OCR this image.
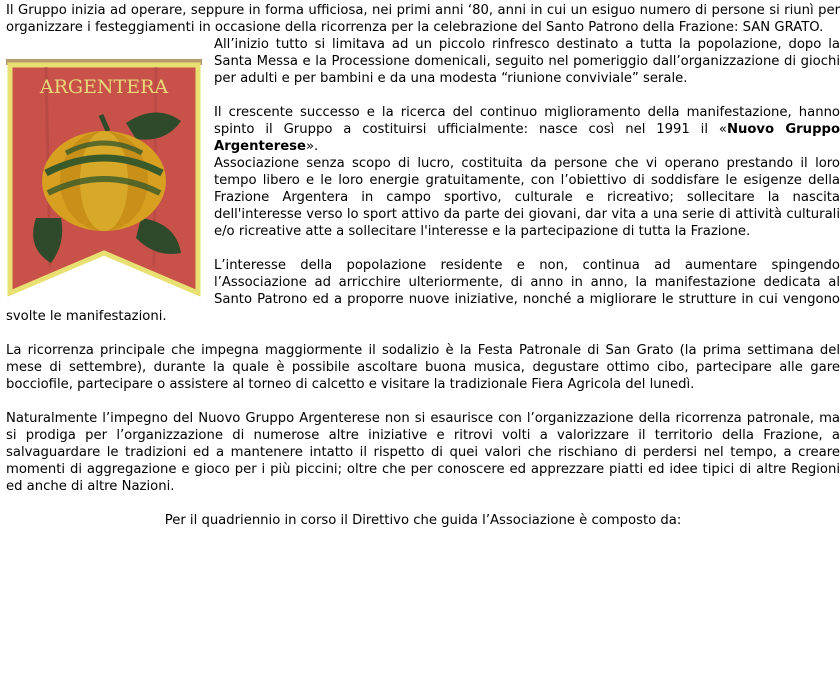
Il Gruppo inizia ad operare, seppure in forma ufficiosa, nei primi anni ‘80, anni in cui un esiguo numero di persone si riunì per organizzare i festeggiamenti in occasione della ricorrenza per la celebrazione del Santo Patrono della Frazione: SAN GRATO.
ARGENTERA
All’inizio tutto si limitava ad un piccolo rinfresco destinato a tutta la popolazione, dopo la Santa Messa e la Processione domenicali, seguito nel pomeriggio dall’organizzazione di giochi per adulti e per bambini e da una modesta “riunione conviviale” serale.

Il crescente successo e la ricerca del continuo miglioramento della manifestazione, hanno spinto il Gruppo a costituirsi ufficialmente: nasce così nel 1991 il «Nuovo Gruppo Argenterese».
Associazione senza scopo di lucro, costituita da persone che vi operano prestando il loro tempo libero e le loro energie gratuitamente, con l’obiettivo di soddisfare le esigenze della Frazione Argentera in campo sportivo, culturale e ricreativo; sollecitare la nascita dell'interesse verso lo sport attivo da parte dei giovani, dar vita a una serie di attività culturali e/o ricreative atte a sollecitare l'interesse e la partecipazione di tutta la Frazione.

L’interesse della popolazione residente e non, continua ad aumentare spingendo l’Associazione ad arricchire ulteriormente, di anno in anno, la manifestazione dedicata al Santo Patrono ed a proporre nuove iniziative, nonché a migliorare le strutture in cui vengono svolte le manifestazioni.

La ricorrenza principale che impegna maggiormente il sodalizio è la Festa Patronale di San Grato (la prima settimana del mese di settembre), durante la quale è possibile ascoltare buona musica, degustare ottimo cibo, partecipare alle gare bocciofile, partecipare o assistere al torneo di calcetto e visitare la tradizionale Fiera Agricola del lunedì.

Naturalmente l’impegno del Nuovo Gruppo Argenterese non si esaurisce con l’organizzazione della ricorrenza patronale, ma si prodiga per l’organizzazione di numerose altre iniziative e ritrovi volti a valorizzare il territorio della Frazione, a salvaguardare le tradizioni ed a mantenere intatto il rispetto di quei valori che rischiano di perdersi nel tempo, a creare momenti di aggregazione e gioco per i più piccini; oltre che per conoscere ed apprezzare piatti ed idee tipici di altre Regioni ed anche di altre Nazioni.

Per il quadriennio in corso il Direttivo che guida l’Associazione è composto da:
